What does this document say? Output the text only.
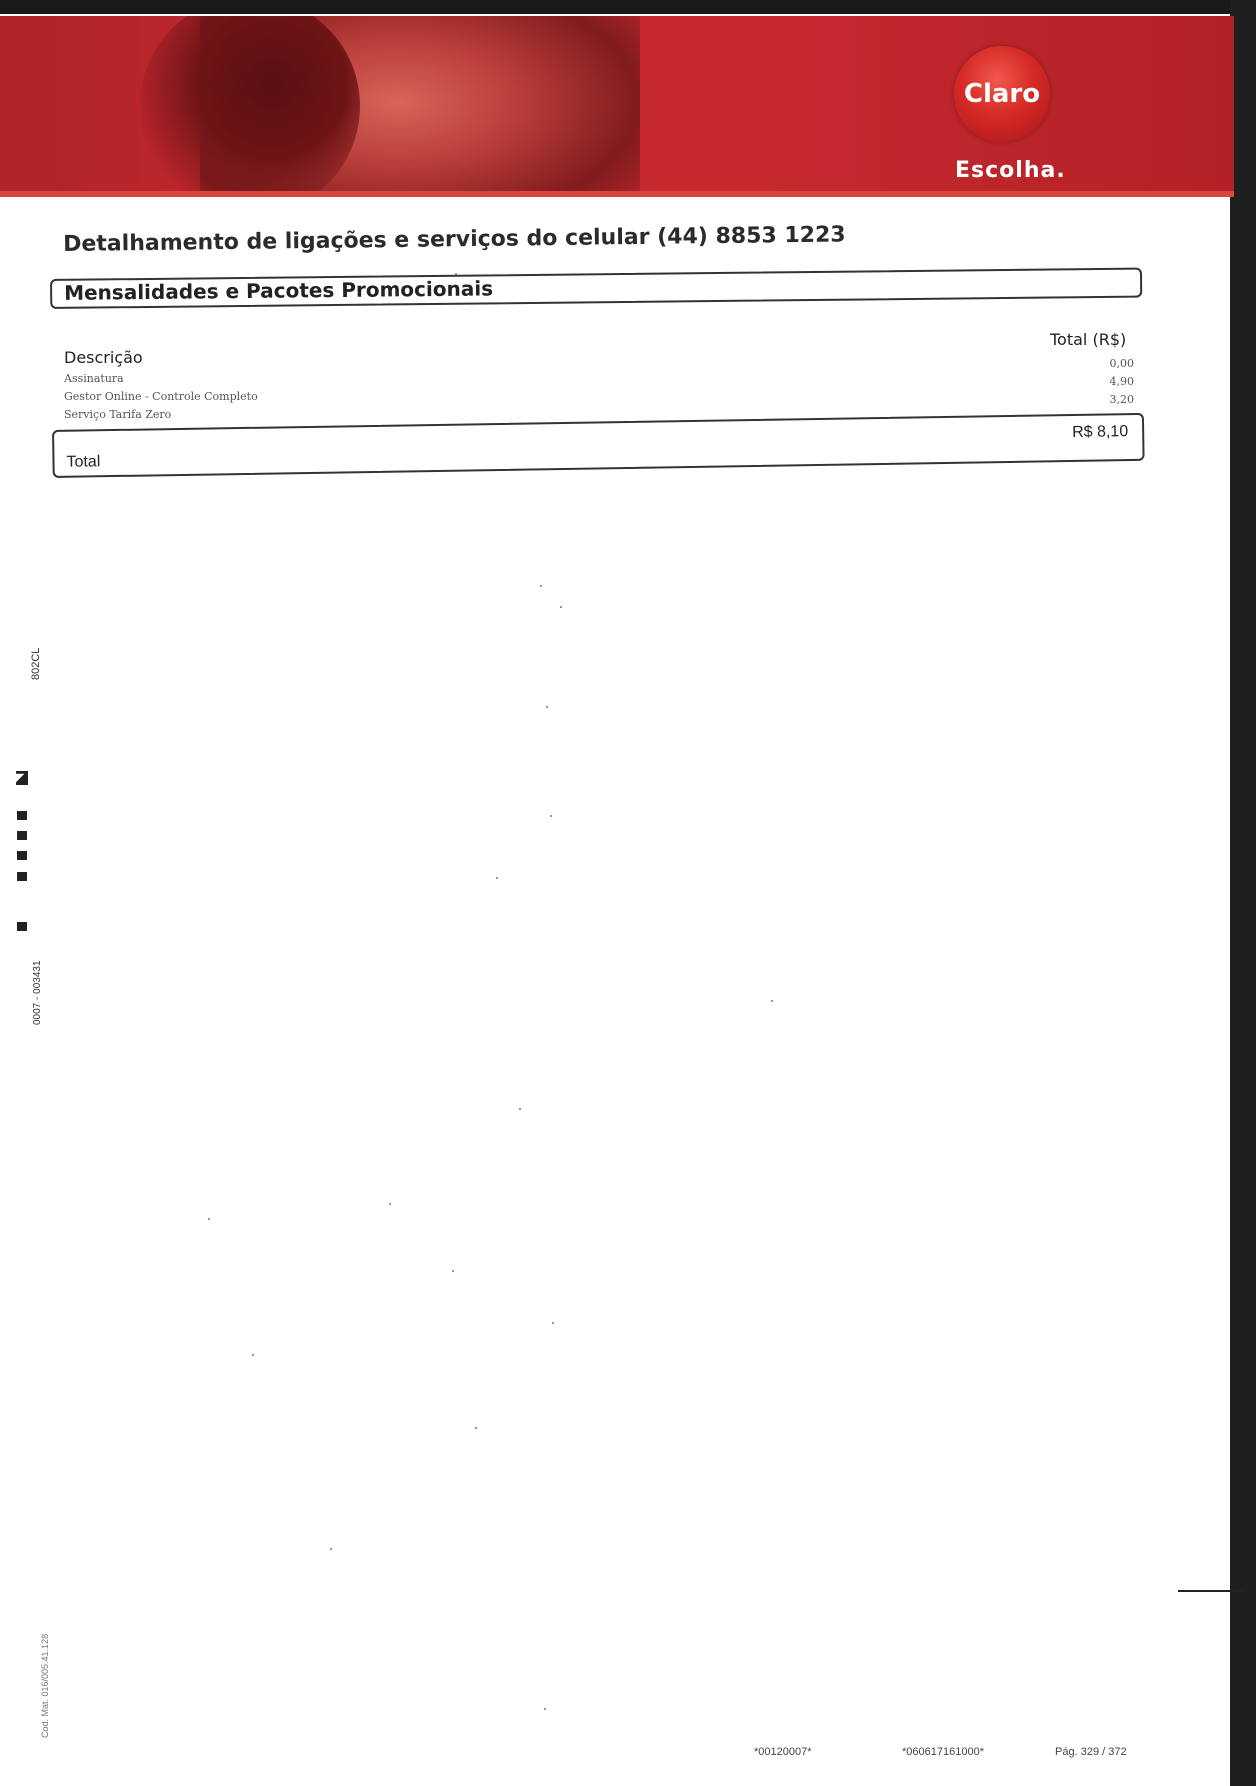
Claro
Escolha.
Detalhamento de ligações e serviços do celular (44) 8853 1223
Mensalidades e Pacotes Promocionais
Total (R$)
Descrição
Assinatura
0,00
Gestor Online - Controle Completo
4,90
Serviço Tarifa Zero
3,20
Total
R$ 8,10
802CL
0007 - 003431
Cod. Mat. 016/005.41.128
*00120007*	*060617161000*	Pág. 329 / 372
